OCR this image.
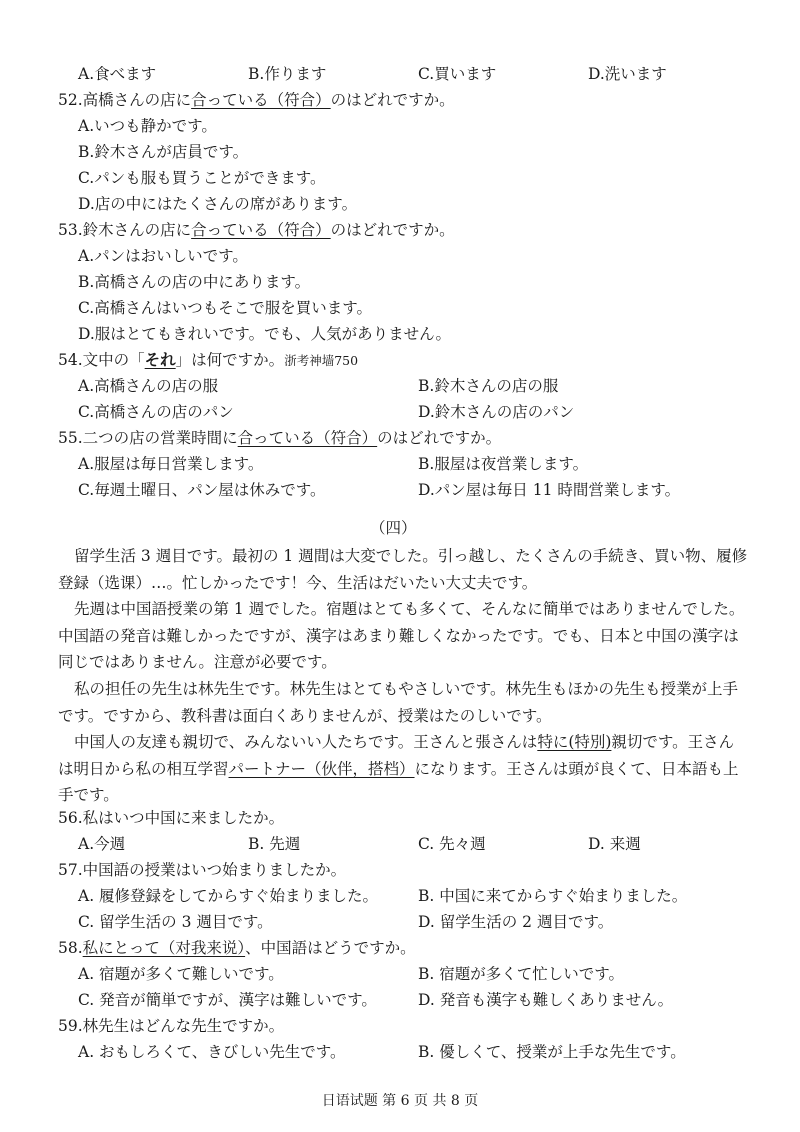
A.食べます	B.作ります	C.買います	D.洗います
52.高橋さんの店に合っている（符合）のはどれですか。
A.いつも静かです。
B.鈴木さんが店員です。
C.パンも服も買うことができます。
D.店の中にはたくさんの席があります。
53.鈴木さんの店に合っている（符合）のはどれですか。
A.パンはおいしいです。
B.高橋さんの店の中にあります。
C.高橋さんはいつもそこで服を買います。
D.服はとてもきれいです。でも、人気がありません。
54.文中の「それ」は何ですか。浙考神墙750
A.高橋さんの店の服	B.鈴木さんの店の服
C.高橋さんの店のパン	D.鈴木さんの店のパン
55.二つの店の営業時間に合っている（符合）のはどれですか。
A.服屋は毎日営業します。	B.服屋は夜営業します。
C.毎週土曜日、パン屋は休みです。	D.パン屋は毎日 11 時間営業します。
（四）
留学生活 3 週目です。最初の 1 週間は大変でした。引っ越し、たくさんの手続き、買い物、履修登録（选课）…。忙しかったです！今、生活はだいたい大丈夫です。
先週は中国語授業の第 1 週でした。宿題はとても多くて、そんなに簡単ではありませんでした。中国語の発音は難しかったですが、漢字はあまり難しくなかったです。でも、日本と中国の漢字は同じではありません。注意が必要です。
私の担任の先生は林先生です。林先生はとてもやさしいです。林先生もほかの先生も授業が上手です。ですから、教科書は面白くありませんが、授業はたのしいです。
中国人の友達も親切で、みんないい人たちです。王さんと張さんは特に(特別)親切です。王さんは明日から私の相互学習パートナー（伙伴，搭档）になります。王さんは頭が良くて、日本語も上手です。
56.私はいつ中国に来ましたか。
A.今週	B. 先週	C. 先々週	D. 来週
57.中国語の授業はいつ始まりましたか。
A. 履修登録をしてからすぐ始まりました。	B. 中国に来てからすぐ始まりました。
C. 留学生活の 3 週目です。	D. 留学生活の 2 週目です。
58.私にとって（对我来说）、中国語はどうですか。
A. 宿題が多くて難しいです。	B. 宿題が多くて忙しいです。
C. 発音が簡単ですが、漢字は難しいです。	D. 発音も漢字も難しくありません。
59.林先生はどんな先生ですか。
A. おもしろくて、きびしい先生です。	B. 優しくて、授業が上手な先生です。
日语试题 第 6 页 共 8 页
